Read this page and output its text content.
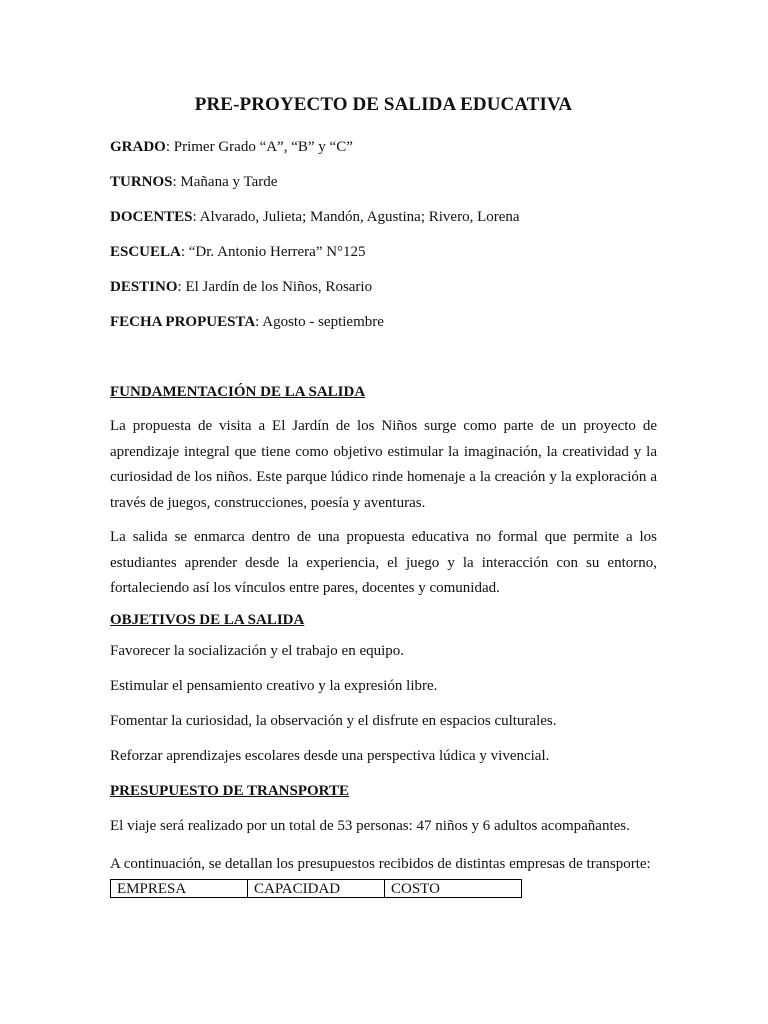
PRE-PROYECTO DE SALIDA EDUCATIVA

GRADO: Primer Grado “A”, “B” y “C”

TURNOS: Mañana y Tarde

DOCENTES: Alvarado, Julieta; Mandón, Agustina; Rivero, Lorena

ESCUELA: “Dr. Antonio Herrera” N°125

DESTINO: El Jardín de los Niños, Rosario

FECHA PROPUESTA: Agosto - septiembre

FUNDAMENTACIÓN DE LA SALIDA

La propuesta de visita a El Jardín de los Niños surge como parte de un proyecto de aprendizaje integral que tiene como objetivo estimular la imaginación, la creatividad y la curiosidad de los niños. Este parque lúdico rinde homenaje a la creación y la exploración a través de juegos, construcciones, poesía y aventuras.

La salida se enmarca dentro de una propuesta educativa no formal que permite a los estudiantes aprender desde la experiencia, el juego y la interacción con su entorno, fortaleciendo así los vínculos entre pares, docentes y comunidad.

OBJETIVOS DE LA SALIDA

Favorecer la socialización y el trabajo en equipo.

Estimular el pensamiento creativo y la expresión libre.

Fomentar la curiosidad, la observación y el disfrute en espacios culturales.

Reforzar aprendizajes escolares desde una perspectiva lúdica y vivencial.

PRESUPUESTO DE TRANSPORTE

El viaje será realizado por un total de 53 personas: 47 niños y 6 adultos acompañantes.

A continuación, se detallan los presupuestos recibidos de distintas empresas de transporte:

EMPRESA	CAPACIDAD	COSTO
